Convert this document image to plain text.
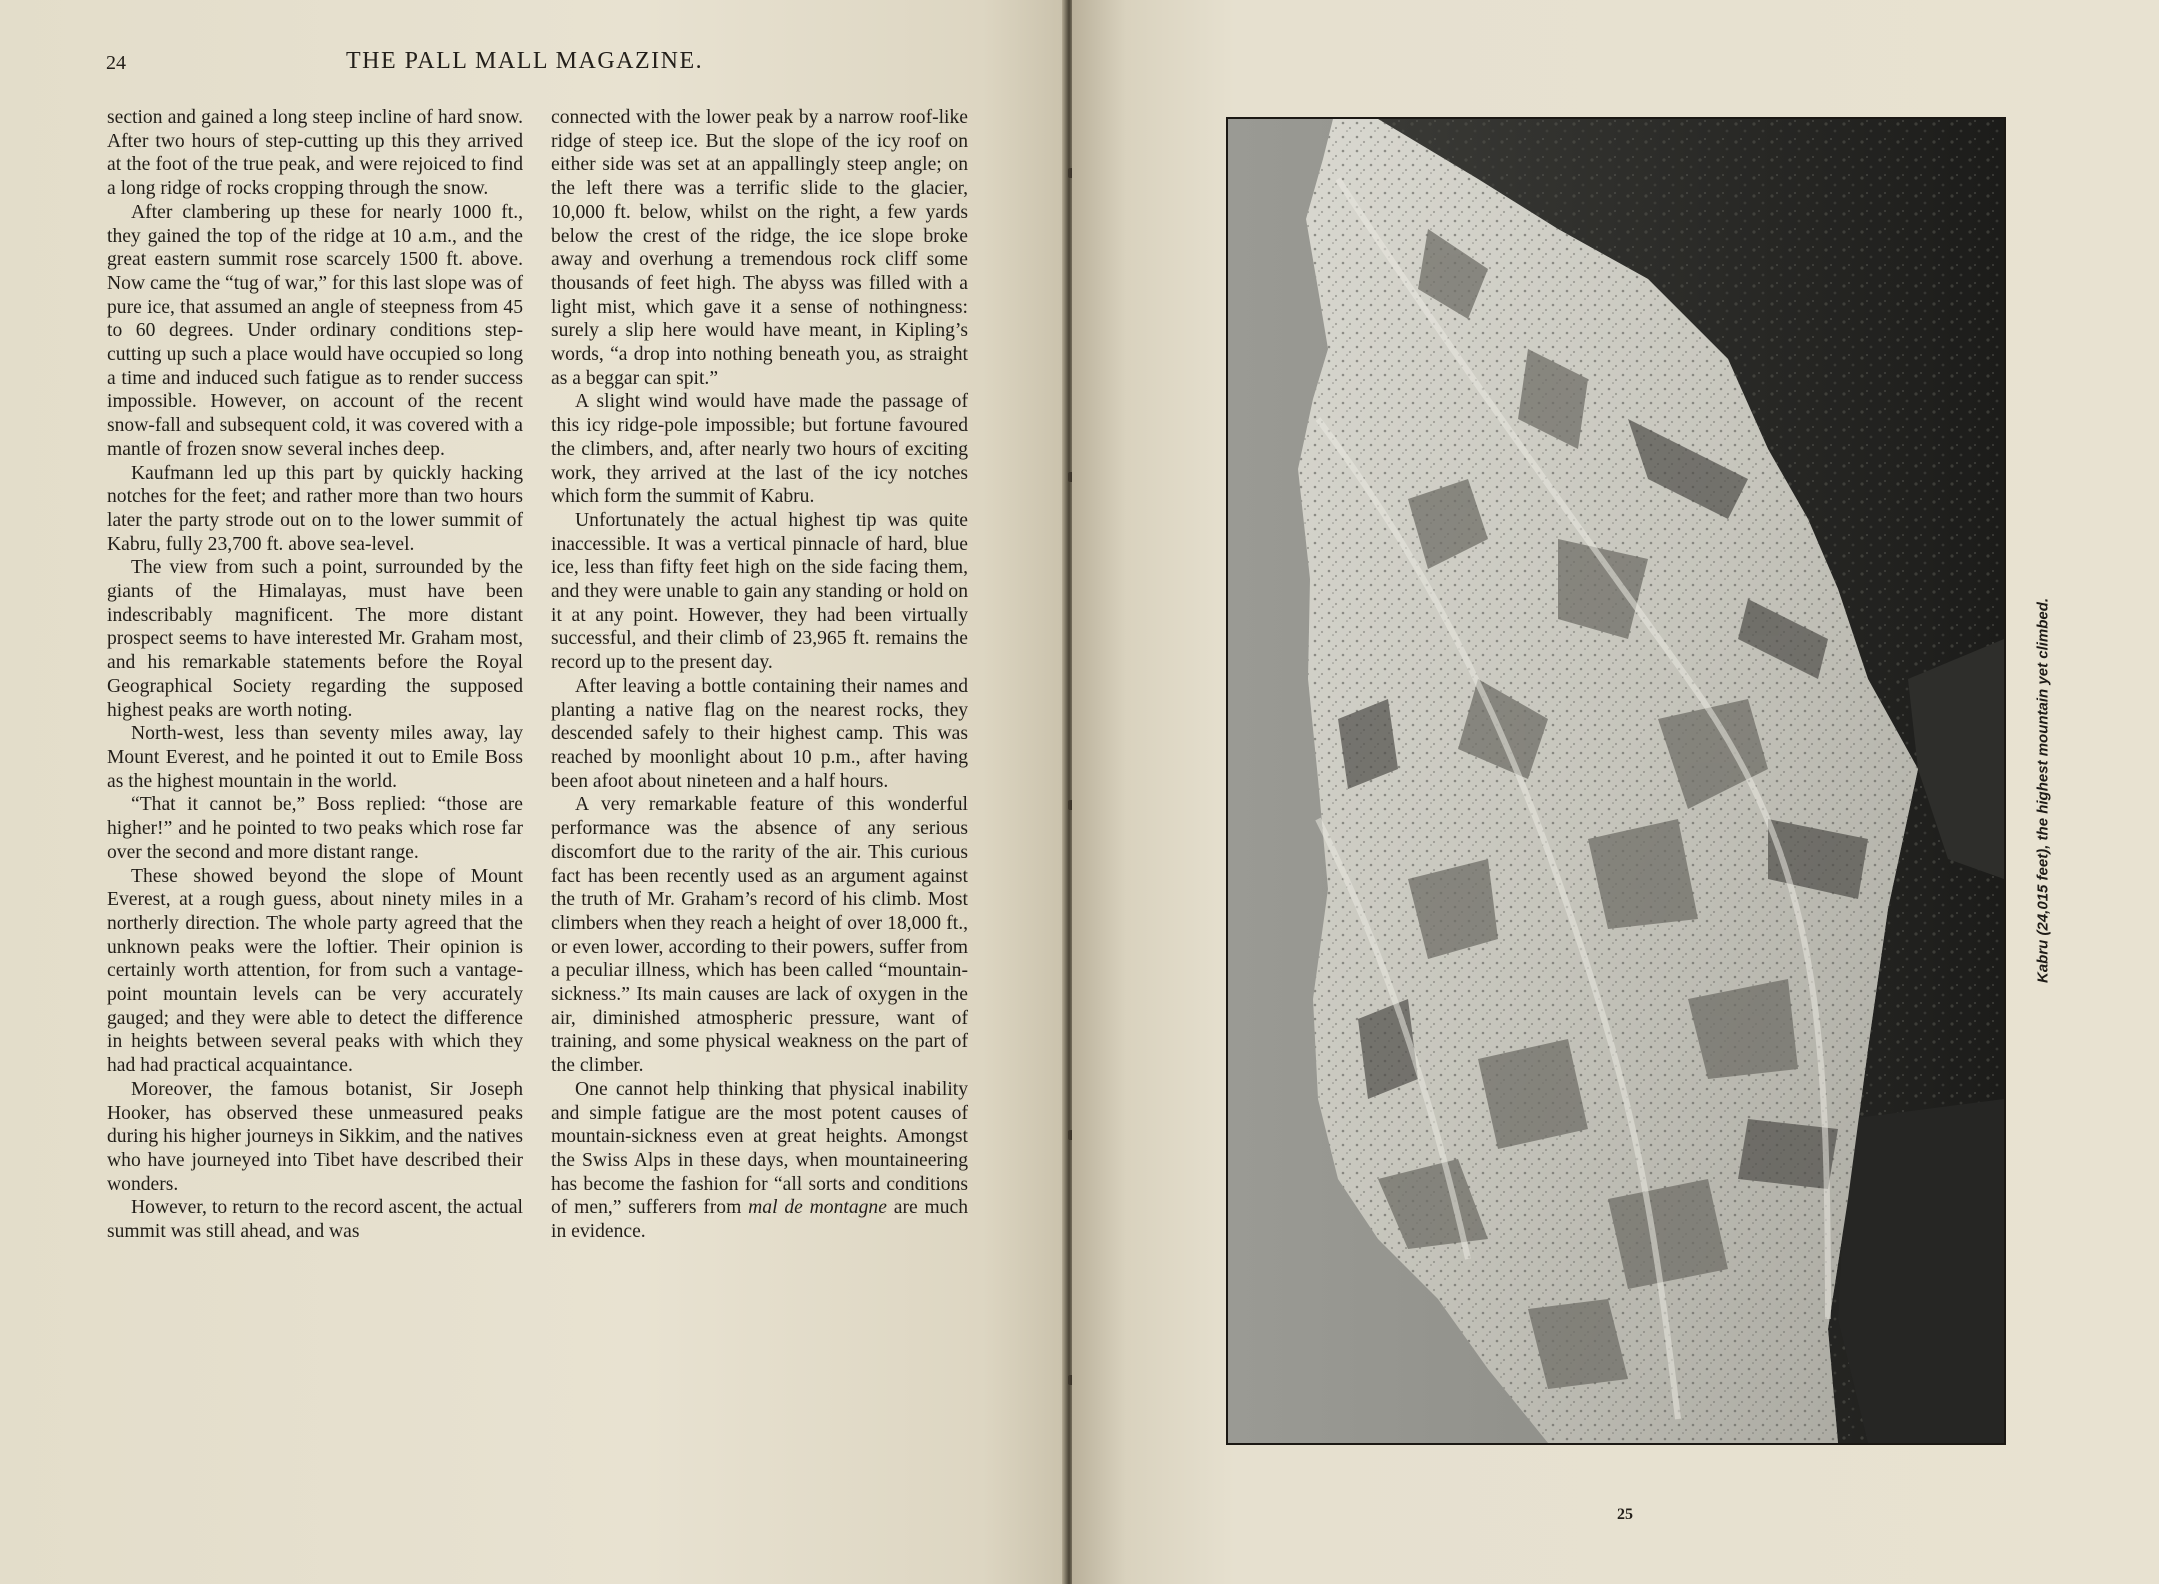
24	THE PALL MALL MAGAZINE.

section and gained a long steep incline of hard snow. After two hours of step-cutting up this they arrived at the foot of the true peak, and were rejoiced to find a long ridge of rocks cropping through the snow.

After clambering up these for nearly 1000 ft., they gained the top of the ridge at 10 a.m., and the great eastern summit rose scarcely 1500 ft. above. Now came the “tug of war,” for this last slope was of pure ice, that assumed an angle of steepness from 45 to 60 degrees. Under ordinary conditions step-cutting up such a place would have occupied so long a time and induced such fatigue as to render success impossible. However, on account of the recent snow-fall and subsequent cold, it was covered with a mantle of frozen snow several inches deep.

Kaufmann led up this part by quickly hacking notches for the feet; and rather more than two hours later the party strode out on to the lower summit of Kabru, fully 23,700 ft. above sea-level.

The view from such a point, surrounded by the giants of the Himalayas, must have been indescribably magnificent. The more distant prospect seems to have interested Mr. Graham most, and his remarkable statements before the Royal Geographical Society regarding the supposed highest peaks are worth noting.

North-west, less than seventy miles away, lay Mount Everest, and he pointed it out to Emile Boss as the highest mountain in the world.

“That it cannot be,” Boss replied: “those are higher!” and he pointed to two peaks which rose far over the second and more distant range.

These showed beyond the slope of Mount Everest, at a rough guess, about ninety miles in a northerly direction. The whole party agreed that the unknown peaks were the loftier. Their opinion is certainly worth attention, for from such a vantage-point mountain levels can be very accurately gauged; and they were able to detect the difference in heights between several peaks with which they had had practical acquaintance.

Moreover, the famous botanist, Sir Joseph Hooker, has observed these unmeasured peaks during his higher journeys in Sikkim, and the natives who have journeyed into Tibet have described their wonders.

However, to return to the record ascent, the actual summit was still ahead, and was

connected with the lower peak by a narrow roof-like ridge of steep ice. But the slope of the icy roof on either side was set at an appallingly steep angle; on the left there was a terrific slide to the glacier, 10,000 ft. below, whilst on the right, a few yards below the crest of the ridge, the ice slope broke away and overhung a tremendous rock cliff some thousands of feet high. The abyss was filled with a light mist, which gave it a sense of nothingness: surely a slip here would have meant, in Kipling’s words, “a drop into nothing beneath you, as straight as a beggar can spit.”

A slight wind would have made the passage of this icy ridge-pole impossible; but fortune favoured the climbers, and, after nearly two hours of exciting work, they arrived at the last of the icy notches which form the summit of Kabru.

Unfortunately the actual highest tip was quite inaccessible. It was a vertical pinnacle of hard, blue ice, less than fifty feet high on the side facing them, and they were unable to gain any standing or hold on it at any point. However, they had been virtually successful, and their climb of 23,965 ft. remains the record up to the present day.

After leaving a bottle containing their names and planting a native flag on the nearest rocks, they descended safely to their highest camp. This was reached by moonlight about 10 p.m., after having been afoot about nineteen and a half hours.

A very remarkable feature of this wonderful performance was the absence of any serious discomfort due to the rarity of the air. This curious fact has been recently used as an argument against the truth of Mr. Graham’s record of his climb. Most climbers when they reach a height of over 18,000 ft., or even lower, according to their powers, suffer from a peculiar illness, which has been called “mountain-sickness.” Its main causes are lack of oxygen in the air, diminished atmospheric pressure, want of training, and some physical weakness on the part of the climber.

One cannot help thinking that physical inability and simple fatigue are the most potent causes of mountain-sickness even at great heights. Amongst the Swiss Alps in these days, when mountaineering has become the fashion for “all sorts and conditions of men,” sufferers from mal de montagne are much in evidence.

Kabru (24,015 feet), the highest mountain yet climbed.
25
